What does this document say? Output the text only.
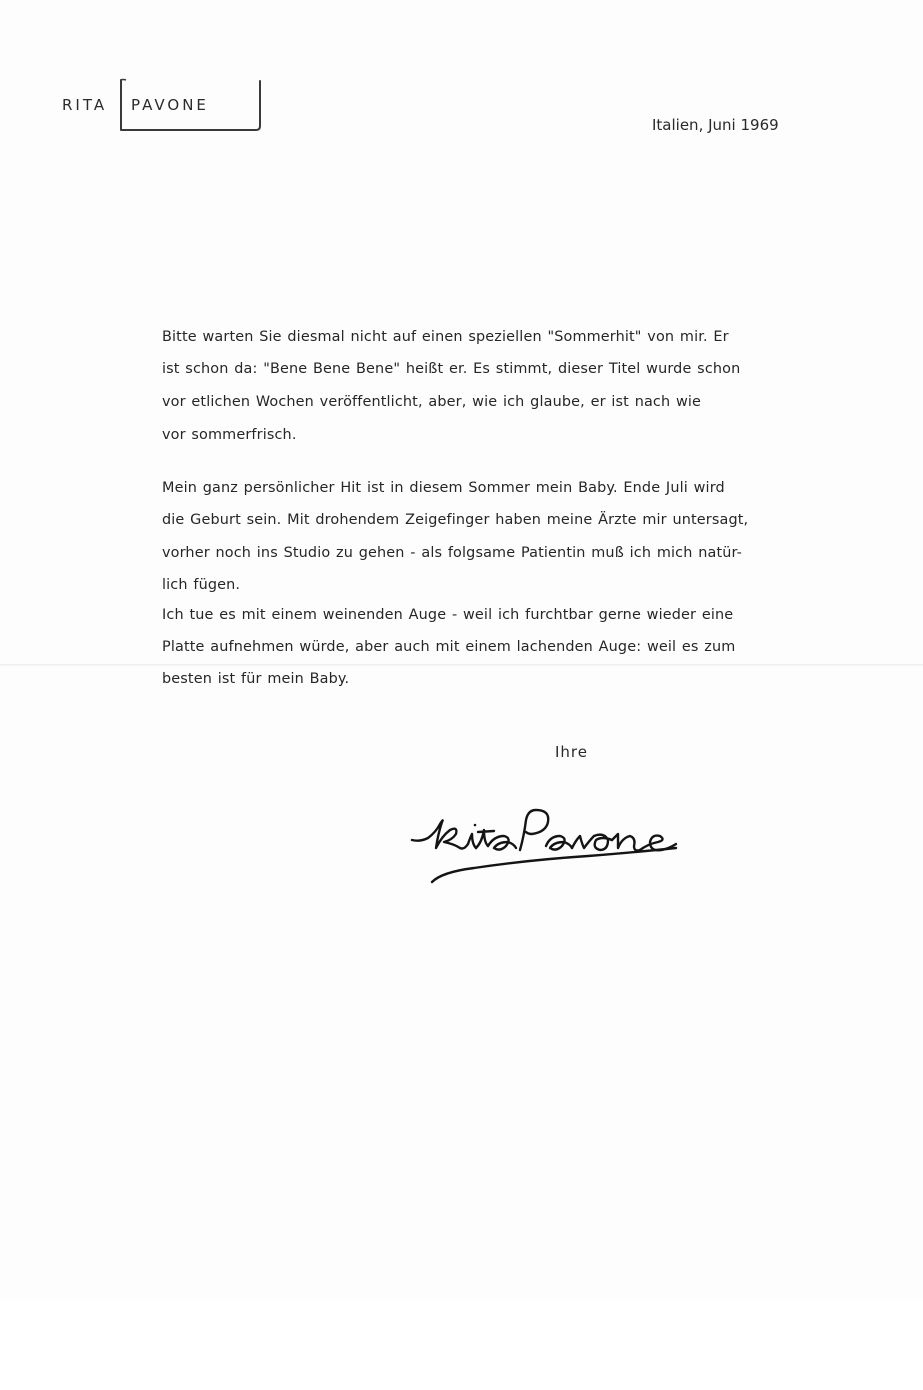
RITA PAVONE
Italien, Juni 1969
Bitte warten Sie diesmal nicht auf einen speziellen "Sommerhit" von mir. Er
ist schon da: "Bene Bene Bene" heißt er. Es stimmt, dieser Titel wurde schon
vor etlichen Wochen veröffentlicht, aber, wie ich glaube, er ist nach wie
vor sommerfrisch.
Mein ganz persönlicher Hit ist in diesem Sommer mein Baby. Ende Juli wird
die Geburt sein. Mit drohendem Zeigefinger haben meine Ärzte mir untersagt,
vorher noch ins Studio zu gehen - als folgsame Patientin muß ich mich natür-
lich fügen.
Ich tue es mit einem weinenden Auge - weil ich furchtbar gerne wieder eine
Platte aufnehmen würde, aber auch mit einem lachenden Auge: weil es zum
besten ist für mein Baby.
Ihre
